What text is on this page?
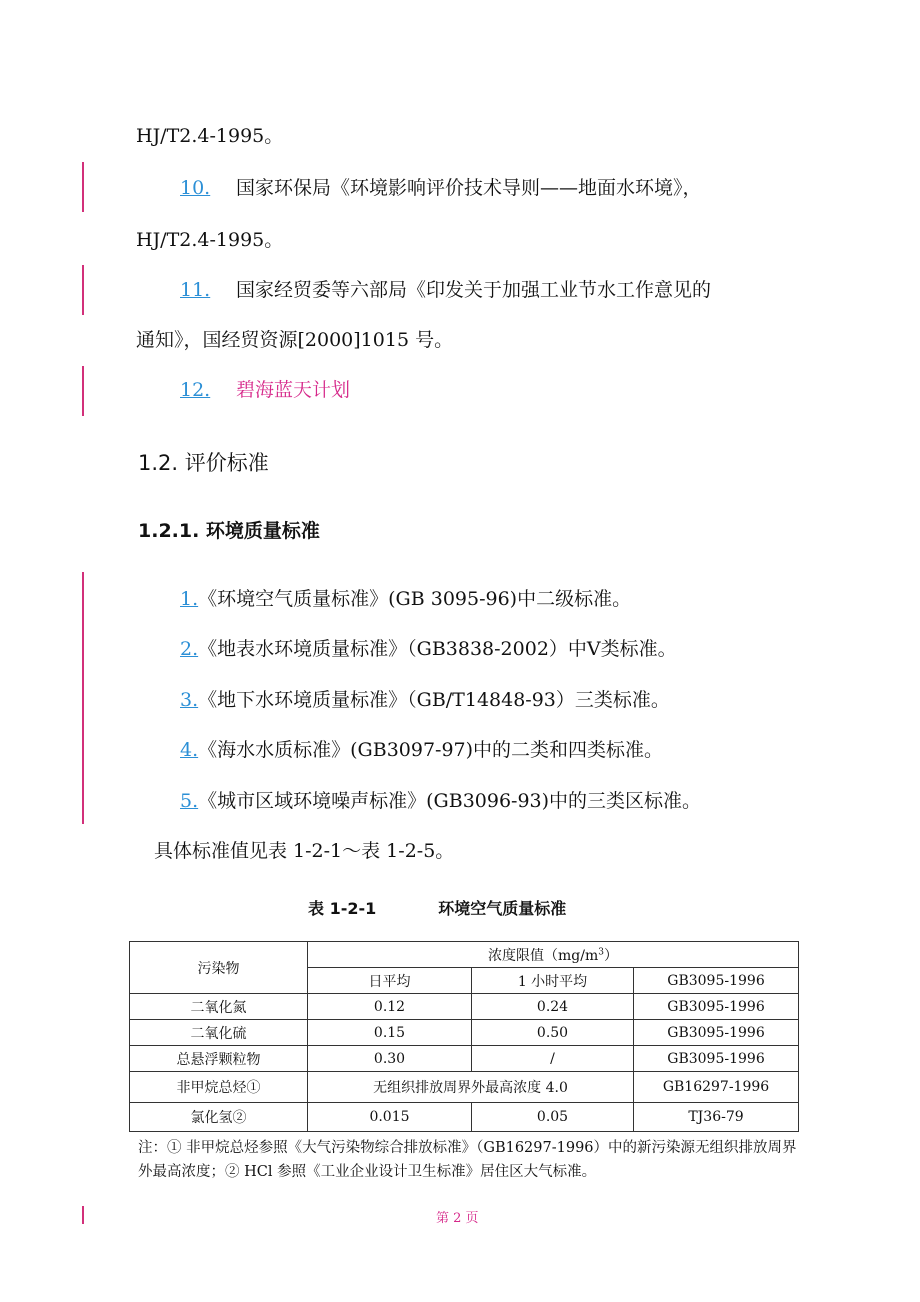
HJ/T2.4-1995。
10. 国家环保局《环境影响评价技术导则——地面水环境》，
HJ/T2.4-1995。
11. 国家经贸委等六部局《印发关于加强工业节水工作意见的
通知》，国经贸资源[2000]1015 号。
12. 碧海蓝天计划
1.2. 评价标准
1.2.1. 环境质量标准
1.《环境空气质量标准》(GB 3095-96)中二级标准。
2.《地表水环境质量标准》（GB3838-2002）中Ⅴ类标准。
3.《地下水环境质量标准》（GB/T14848-93）三类标准。
4.《海水水质标准》(GB3097-97)中的二类和四类标准。
5.《城市区域环境噪声标准》(GB3096-93)中的三类区标准。
具体标准值见表 1-2-1～表 1-2-5。
表 1-2-1	环境空气质量标准
污染物	浓度限值$(mg/m^3)$		
	日平均	1 小时平均	GB3095-1996
二氧化氮	0.12	0.24	GB3095-1996
二氧化硫	0.15	0.50	GB3095-1996
总悬浮颗粒物	0.30	/	GB3095-1996
非甲烷总烃①	无组织排放周界外最高浓度 4.0		GB16297-1996
氯化氢②	0.015	0.05	TJ36-79
注：① 非甲烷总烃参照《大气污染物综合排放标准》（GB16297-1996）中的新污染源无组织排放周界外最高浓度；② HCl 参照《工业企业设计卫生标准》居住区大气标准。
第 2 页
